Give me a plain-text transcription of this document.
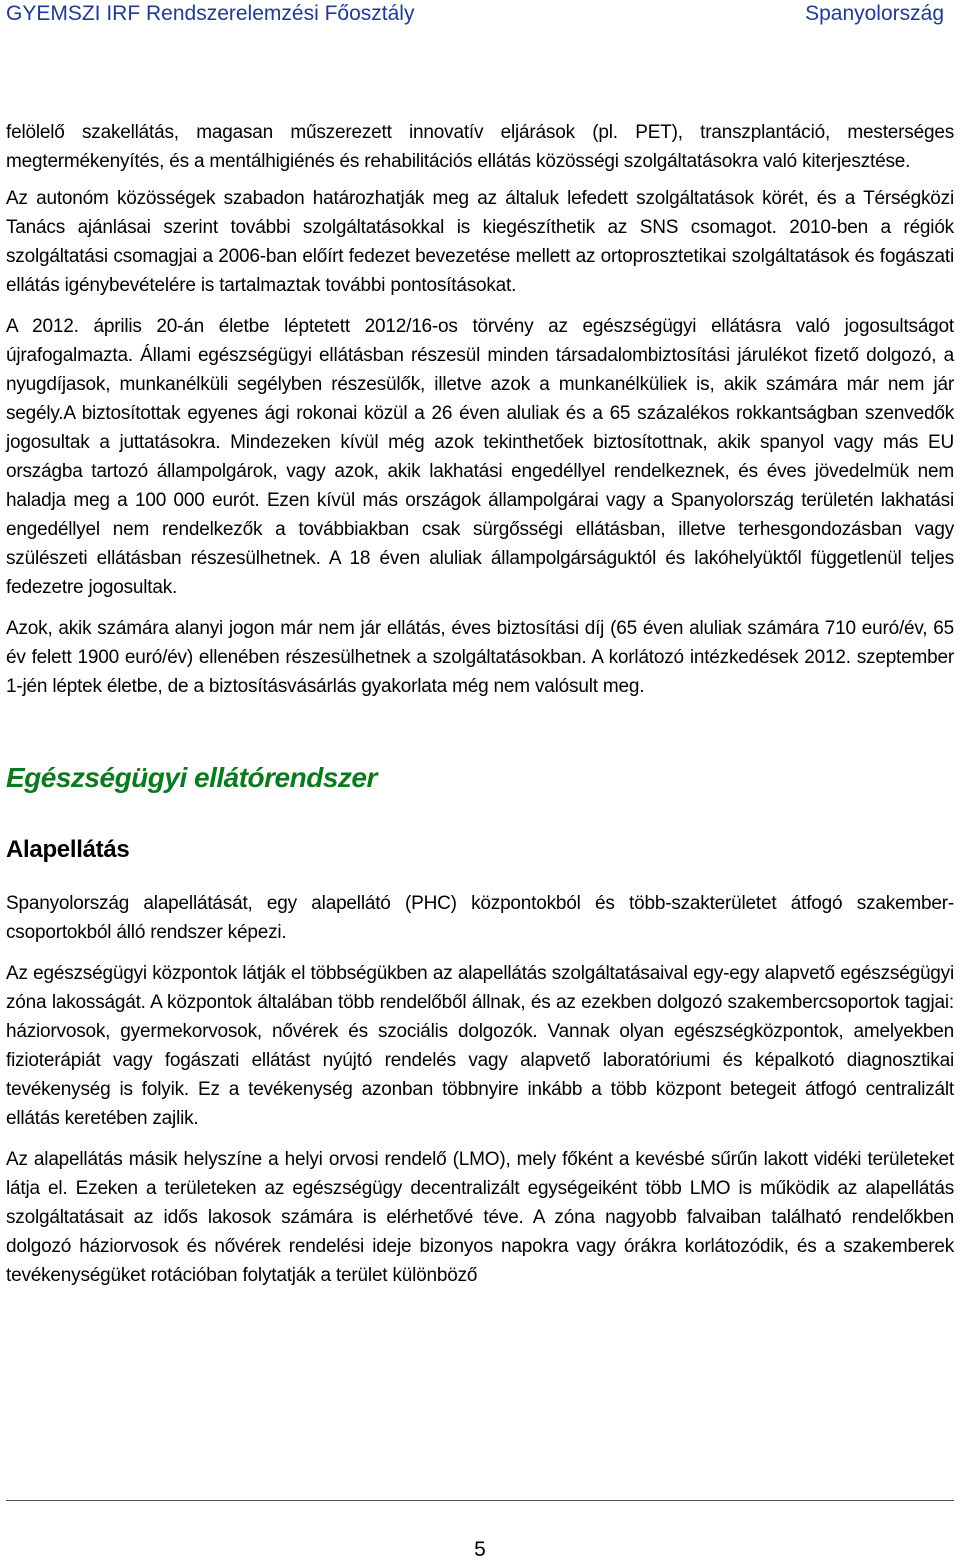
GYEMSZI IRF Rendszerelemzési Főosztály	Spanyolország

felölelő szakellátás, magasan műszerezett innovatív eljárások (pl. PET), transzplantáció, mesterséges megtermékenyítés, és a mentálhigiénés és rehabilitációs ellátás közösségi szolgáltatásokra való kiterjesztése.

Az autonóm közösségek szabadon határozhatják meg az általuk lefedett szolgáltatások körét, és a Térségközi Tanács ajánlásai szerint további szolgáltatásokkal is kiegészíthetik az SNS csomagot. 2010-ben a régiók szolgáltatási csomagjai a 2006-ban előírt fedezet bevezetése mellett az ortoprosztetikai szolgáltatások és fogászati ellátás igénybevételére is tartalmaztak további pontosításokat.

A 2012. április 20-án életbe léptetett 2012/16-os törvény az egészségügyi ellátásra való jogosultságot újrafogalmazta. Állami egészségügyi ellátásban részesül minden társadalombiztosítási járulékot fizető dolgozó, a nyugdíjasok, munkanélküli segélyben részesülők, illetve azok a munkanélküliek is, akik számára már nem jár segély.A biztosítottak egyenes ági rokonai közül a 26 éven aluliak és a 65 százalékos rokkantságban szenvedők jogosultak a juttatásokra. Mindezeken kívül még azok tekinthetőek biztosítottnak, akik spanyol vagy más EU országba tartozó állampolgárok, vagy azok, akik lakhatási engedéllyel rendelkeznek, és éves jövedelmük nem haladja meg a 100 000 eurót. Ezen kívül más országok állampolgárai vagy a Spanyolország területén lakhatási engedéllyel nem rendelkezők a továbbiakban csak sürgősségi ellátásban, illetve terhesgondozásban vagy szülészeti ellátásban részesülhetnek. A 18 éven aluliak állampolgárságuktól és lakóhelyüktől függetlenül teljes fedezetre jogosultak.

Azok, akik számára alanyi jogon már nem jár ellátás, éves biztosítási díj (65 éven aluliak számára 710 euró/év, 65 év felett 1900 euró/év) ellenében részesülhetnek a szolgáltatásokban. A korlátozó intézkedések 2012. szeptember 1-jén léptek életbe, de a biztosításvásárlás gyakorlata még nem valósult meg.

Egészségügyi ellátórendszer
Alapellátás

Spanyolország alapellátását, egy alapellátó (PHC) központokból és több-szakterületet átfogó szakember-csoportokból álló rendszer képezi.

Az egészségügyi központok látják el többségükben az alapellátás szolgáltatásaival egy-egy alapvető egészségügyi zóna lakosságát. A központok általában több rendelőből állnak, és az ezekben dolgozó szakembercsoportok tagjai: háziorvosok, gyermekorvosok, nővérek és szociális dolgozók. Vannak olyan egészségközpontok, amelyekben fizioterápiát vagy fogászati ellátást nyújtó rendelés vagy alapvető laboratóriumi és képalkotó diagnosztikai tevékenység is folyik. Ez a tevékenység azonban többnyire inkább a több központ betegeit átfogó centralizált ellátás keretében zajlik.

Az alapellátás másik helyszíne a helyi orvosi rendelő (LMO), mely főként a kevésbé sűrűn lakott vidéki területeket látja el. Ezeken a területeken az egészségügy decentralizált egységeiként több LMO is működik az alapellátás szolgáltatásait az idős lakosok számára is elérhetővé téve. A zóna nagyobb falvaiban található rendelőkben dolgozó háziorvosok és nővérek rendelési ideje bizonyos napokra vagy órákra korlátozódik, és a szakemberek tevékenységüket rotációban folytatják a terület különböző

5
